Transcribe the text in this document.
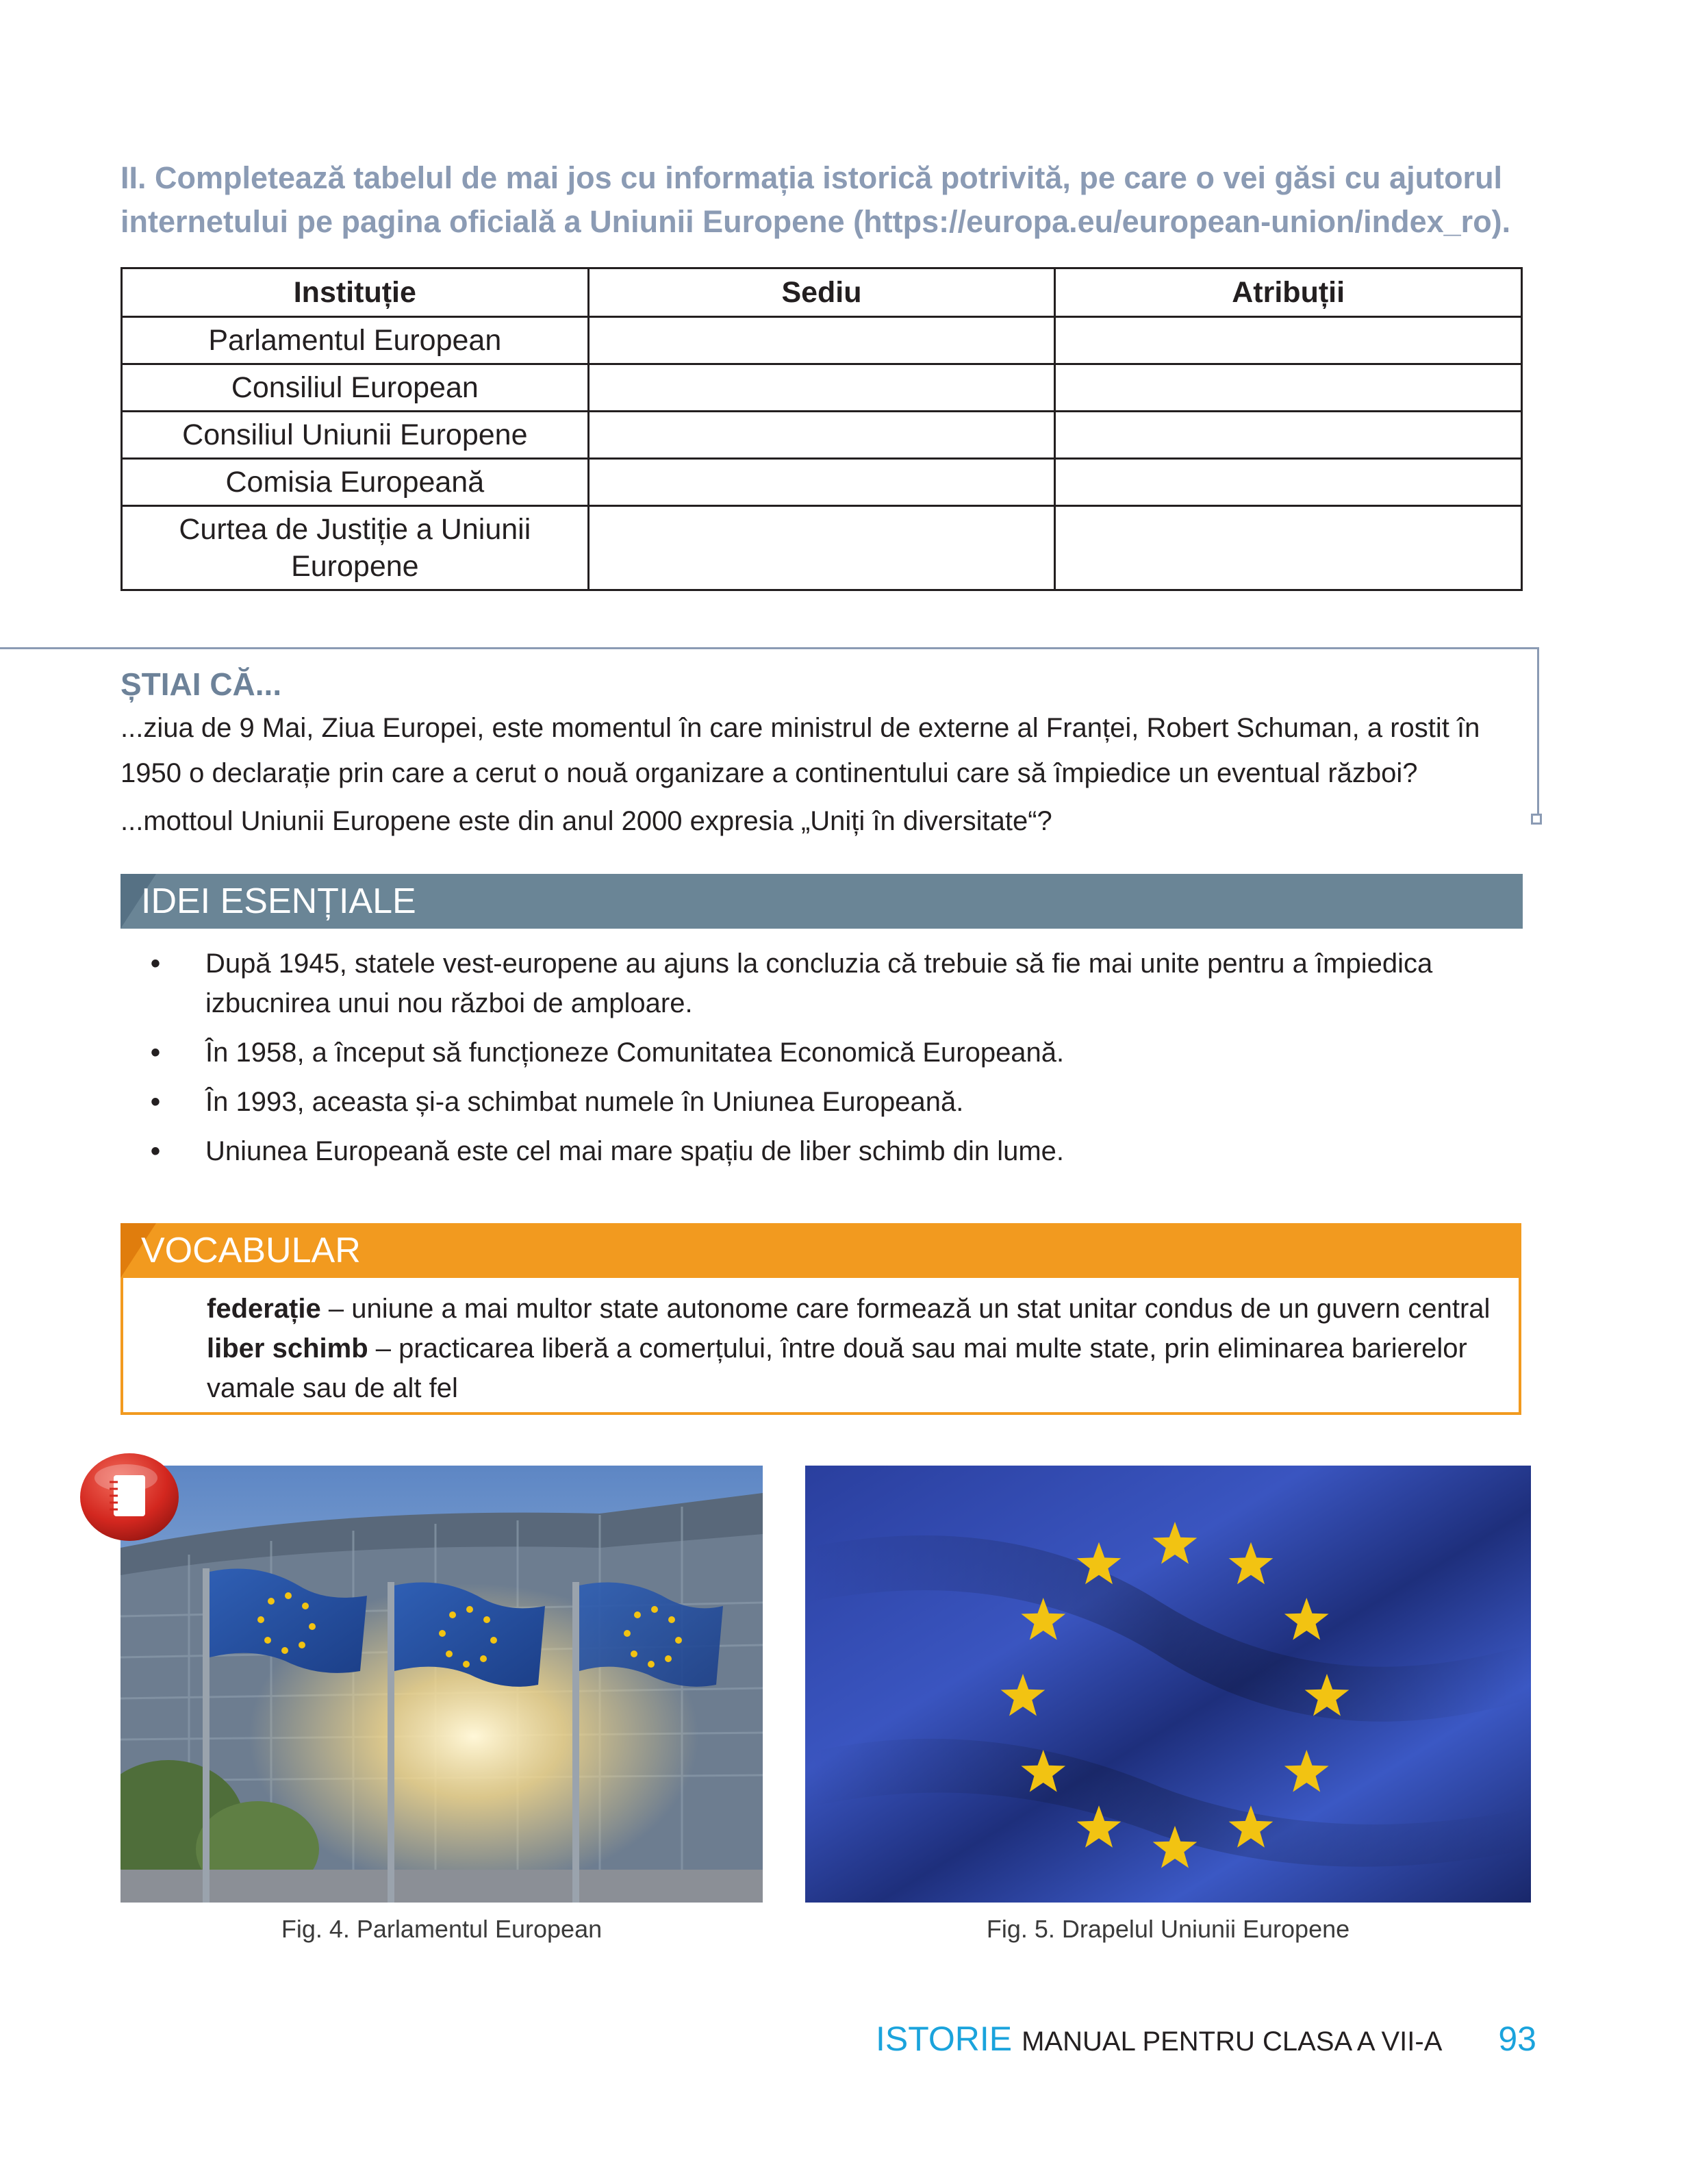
II. Completează tabelul de mai jos cu informația istorică potrivită, pe care o vei găsi cu ajutorul internetului pe pagina oficială a Uniunii Europene (https://europa.eu/european-union/index_ro).
Instituție	Sediu	Atribuții
Parlamentul European		
Consiliul European		
Consiliul Uniunii Europene		
Comisia Europeană		
Curtea de Justiție a Uniunii Europene		
ȘTIAI CĂ...

...ziua de 9 Mai, Ziua Europei, este momentul în care ministrul de externe al Franței, Robert Schuman, a rostit în 1950 o declarație prin care a cerut o nouă organizare a continentului care să împiedice un eventual război?

...mottoul Uniunii Europene este din anul 2000 expresia „Uniți în diversitate“?

IDEI ESENȚIALE
• După 1945, statele vest-europene au ajuns la concluzia că trebuie să fie mai unite pentru a împiedica izbucnirea unui nou război de amploare.
• În 1958, a început să funcționeze Comunitatea Economică Europeană.
• În 1993, aceasta și-a schimbat numele în Uniunea Europeană.
• Uniunea Europeană este cel mai mare spațiu de liber schimb din lume.
VOCABULAR
federație – uniune a mai multor state autonome care formează un stat unitar condus de un guvern central
liber schimb – practicarea liberă a comerțului, între două sau mai multe state, prin eliminarea barierelor vamale sau de alt fel
Fig. 4. Parlamentul European	Fig. 5. Drapelul Uniunii Europene
ISTORIE MANUAL PENTRU CLASA A VII-A 93
